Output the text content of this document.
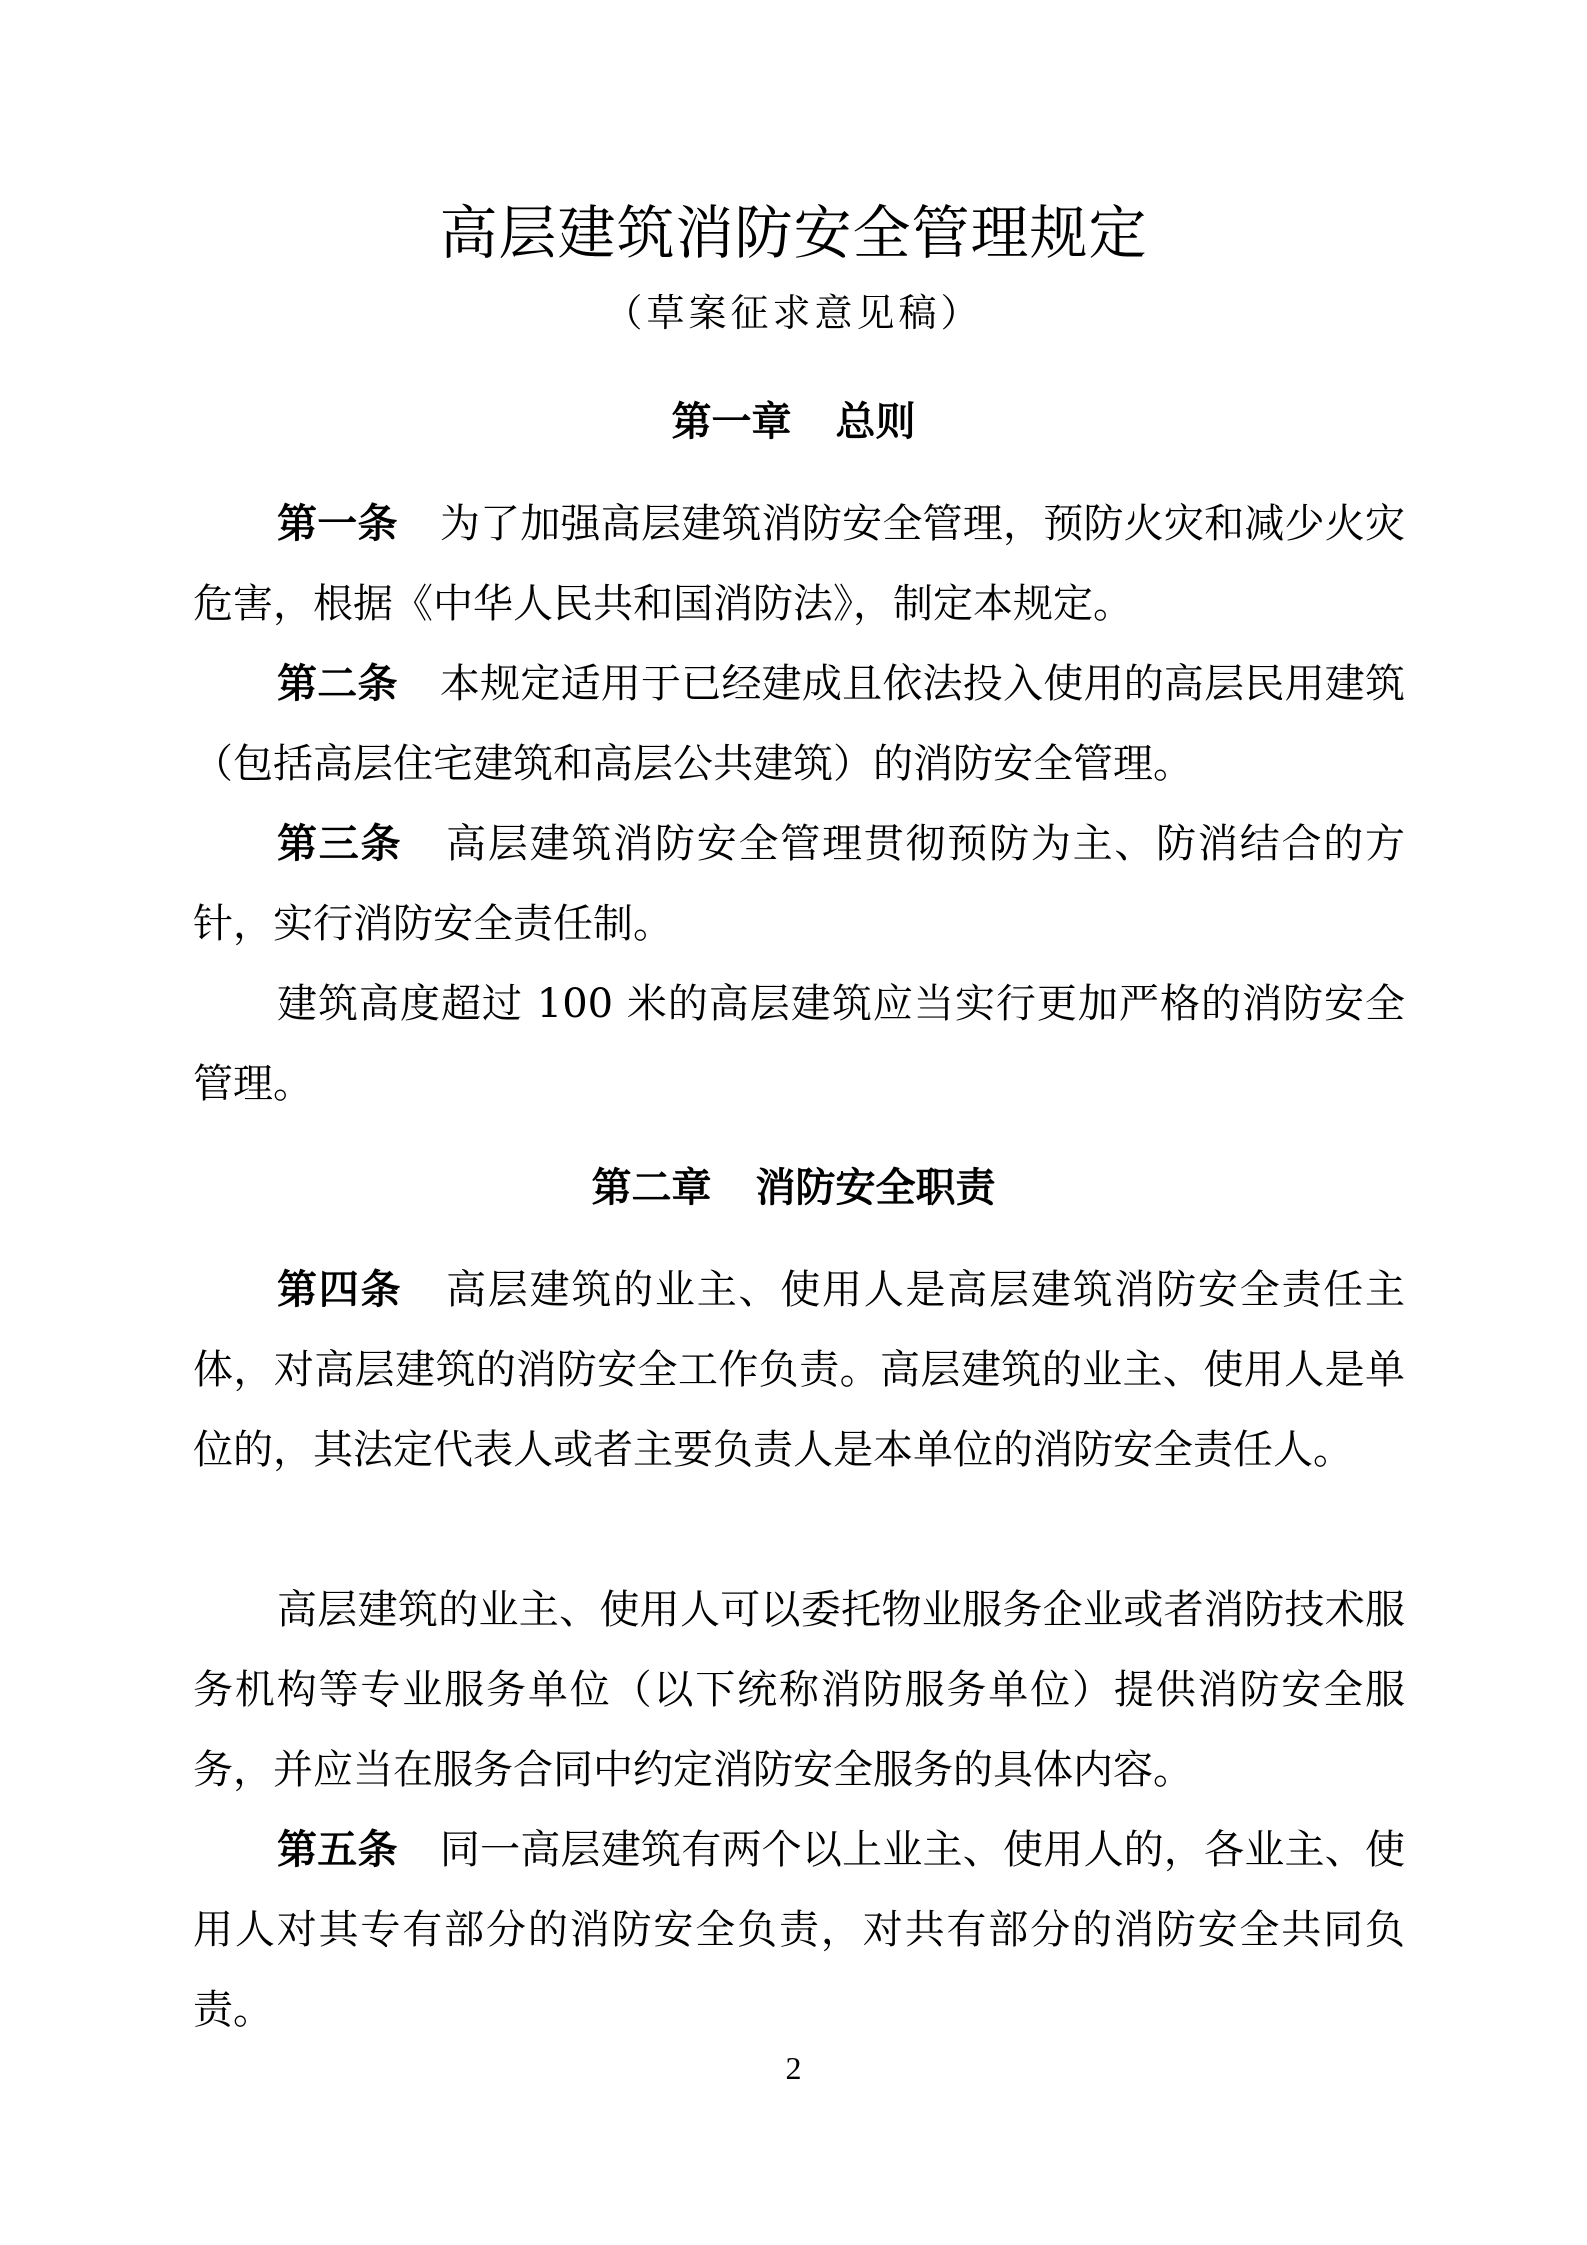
高层建筑消防安全管理规定
（草案征求意见稿）
第一章 总则

第一条 为了加强高层建筑消防安全管理，预防火灾和减少火灾危害，根据《中华人民共和国消防法》，制定本规定。

第二条 本规定适用于已经建成且依法投入使用的高层民用建筑（包括高层住宅建筑和高层公共建筑）的消防安全管理。

第三条 高层建筑消防安全管理贯彻预防为主、防消结合的方针，实行消防安全责任制。

建筑高度超过 100 米的高层建筑应当实行更加严格的消防安全管理。

第二章 消防安全职责

第四条 高层建筑的业主、使用人是高层建筑消防安全责任主体，对高层建筑的消防安全工作负责。高层建筑的业主、使用人是单位的，其法定代表人或者主要负责人是本单位的消防安全责任人。

高层建筑的业主、使用人可以委托物业服务企业或者消防技术服务机构等专业服务单位（以下统称消防服务单位）提供消防安全服务，并应当在服务合同中约定消防安全服务的具体内容。

第五条 同一高层建筑有两个以上业主、使用人的，各业主、使用人对其专有部分的消防安全负责，对共有部分的消防安全共同负责。

2
